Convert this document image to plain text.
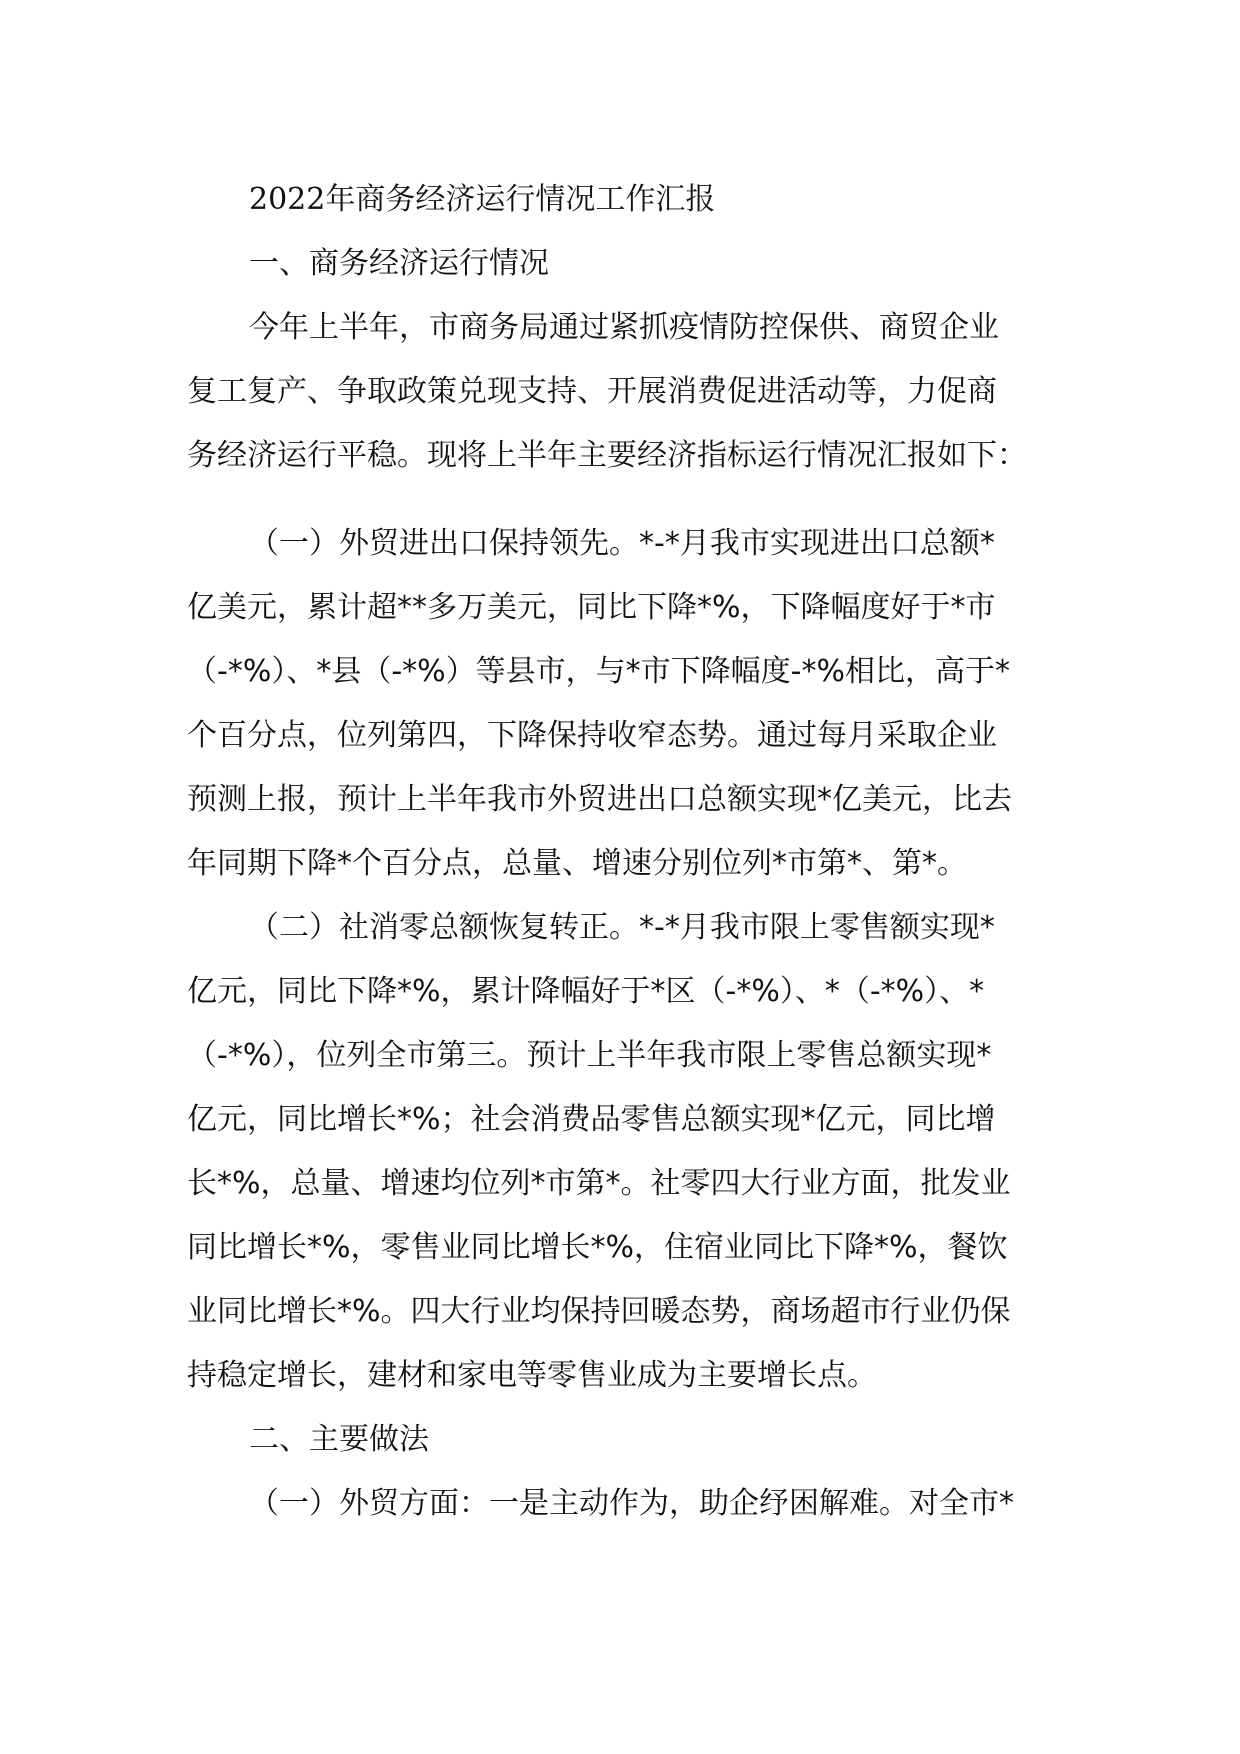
2022年商务经济运行情况工作汇报

一、商务经济运行情况

今年上半年，市商务局通过紧抓疫情防控保供、商贸企业

复工复产、争取政策兑现支持、开展消费促进活动等，力促商

务经济运行平稳。现将上半年主要经济指标运行情况汇报如下：

（一）外贸进出口保持领先。*-*月我市实现进出口总额*

亿美元，累计超**多万美元，同比下降*%，下降幅度好于*市

（-*%）、*县（-*%）等县市，与*市下降幅度-*%相比，高于*

个百分点，位列第四，下降保持收窄态势。通过每月采取企业

预测上报，预计上半年我市外贸进出口总额实现*亿美元，比去

年同期下降*个百分点，总量、增速分别位列*市第*、第*。

（二）社消零总额恢复转正。*-*月我市限上零售额实现*

亿元，同比下降*%，累计降幅好于*区（-*%）、*（-*%）、*

（-*%），位列全市第三。预计上半年我市限上零售总额实现*

亿元，同比增长*%；社会消费品零售总额实现*亿元，同比增

长*%，总量、增速均位列*市第*。社零四大行业方面，批发业

同比增长*%，零售业同比增长*%，住宿业同比下降*%，餐饮

业同比增长*%。四大行业均保持回暖态势，商场超市行业仍保

持稳定增长，建材和家电等零售业成为主要增长点。

二、主要做法

（一）外贸方面：一是主动作为，助企纾困解难。对全市*
